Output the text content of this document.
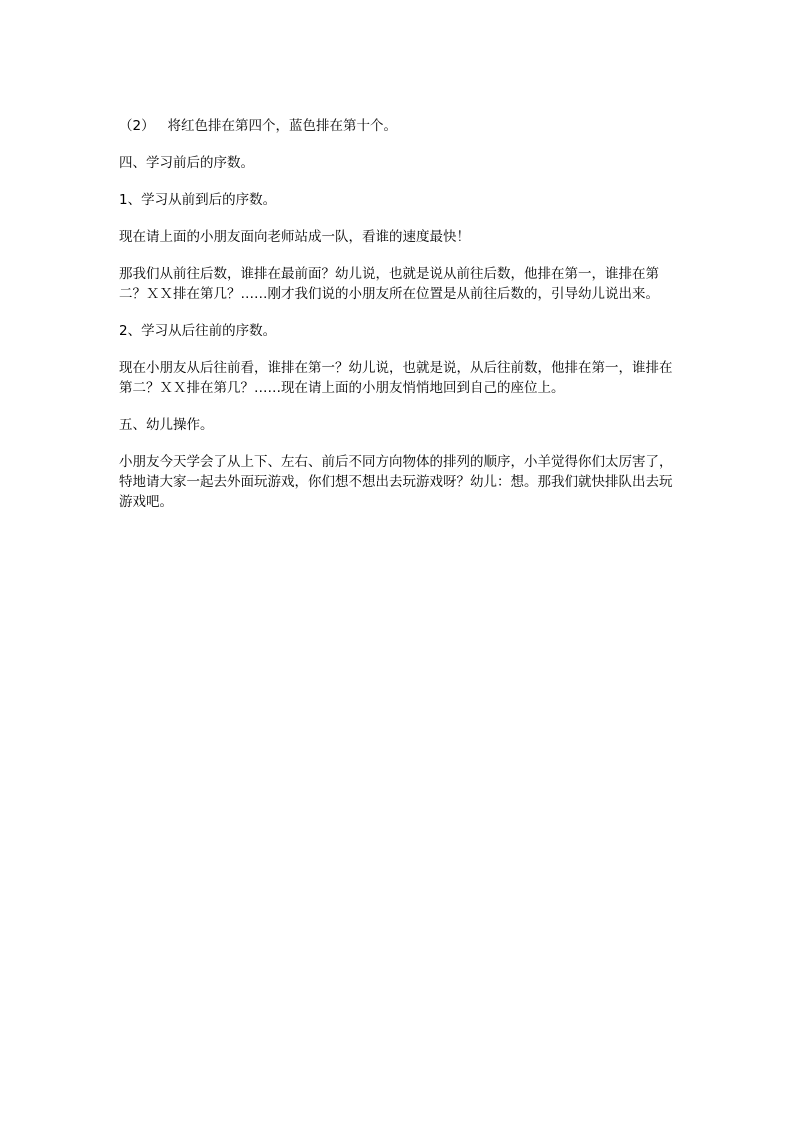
（2）   将红色排在第四个，蓝色排在第十个。

四、学习前后的序数。

1、学习从前到后的序数。

现在请上面的小朋友面向老师站成一队，看谁的速度最快！

那我们从前往后数，谁排在最前面？幼儿说，也就是说从前往后数，他排在第一，谁排在第二？ＸＸ排在第几？……刚才我们说的小朋友所在位置是从前往后数的，引导幼儿说出来。

2、学习从后往前的序数。

现在小朋友从后往前看，谁排在第一？幼儿说，也就是说，从后往前数，他排在第一，谁排在第二？ＸＸ排在第几？……现在请上面的小朋友悄悄地回到自己的座位上。

五、幼儿操作。

小朋友今天学会了从上下、左右、前后不同方向物体的排列的顺序，小羊觉得你们太厉害了，特地请大家一起去外面玩游戏，你们想不想出去玩游戏呀？幼儿：想。那我们就快排队出去玩游戏吧。
